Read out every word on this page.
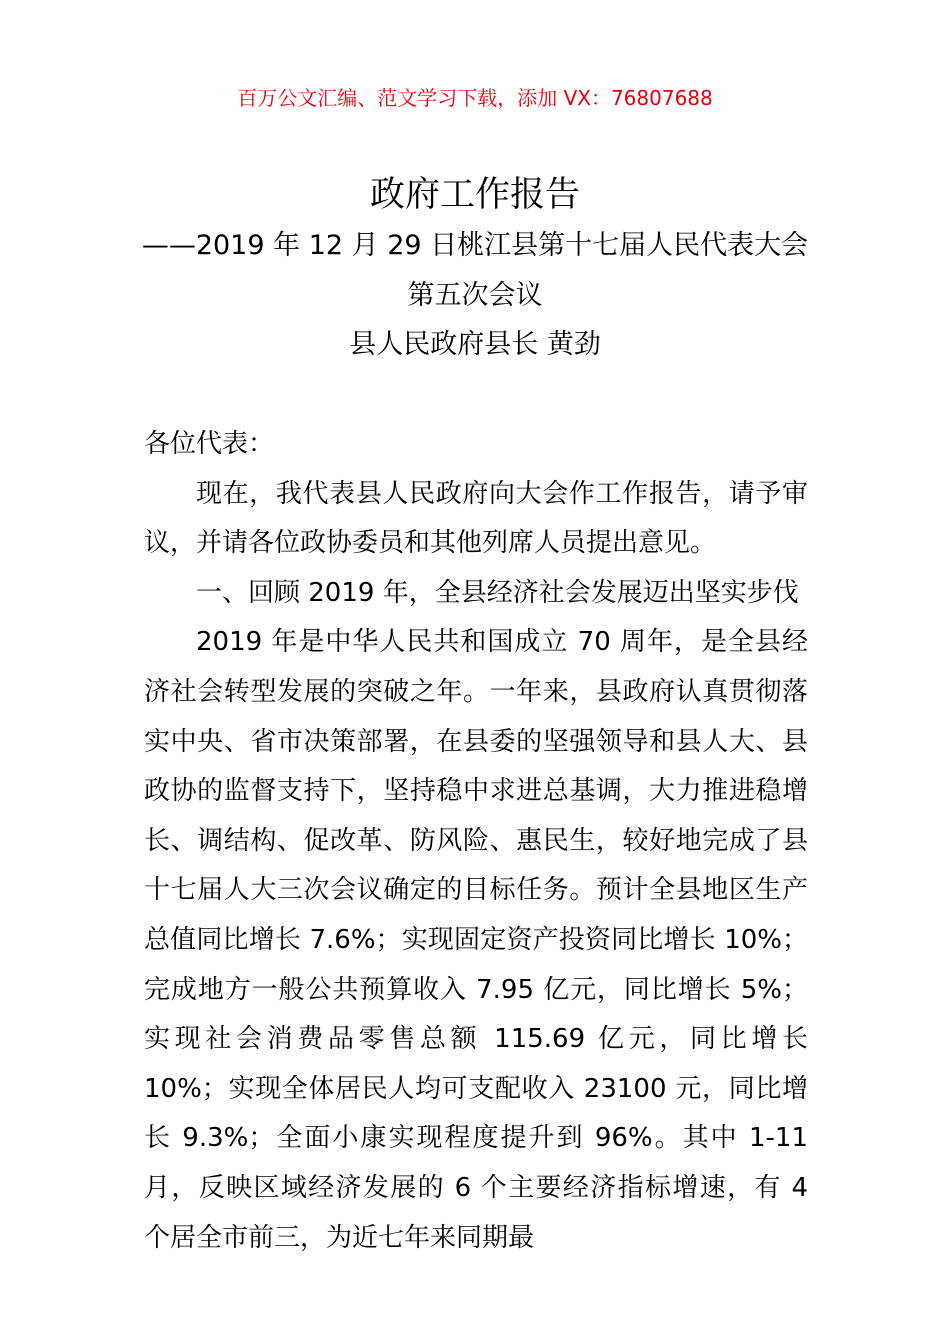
百万公文汇编、范文学习下载，添加 VX：76807688
政府工作报告
——2019 年 12 月 29 日桃江县第十七届人民代表大会第五次会议
县人民政府县长 黄劲

各位代表：

现在，我代表县人民政府向大会作工作报告，请予审议，并请各位政协委员和其他列席人员提出意见。

一、回顾 2019 年，全县经济社会发展迈出坚实步伐

2019 年是中华人民共和国成立 70 周年，是全县经济社会转型发展的突破之年。一年来，县政府认真贯彻落实中央、省市决策部署，在县委的坚强领导和县人大、县政协的监督支持下，坚持稳中求进总基调，大力推进稳增长、调结构、促改革、防风险、惠民生，较好地完成了县十七届人大三次会议确定的目标任务。预计全县地区生产总值同比增长 7.6%；实现固定资产投资同比增长 10%；完成地方一般公共预算收入 7.95 亿元，同比增长 5%；实现社会消费品零售总额 115.69 亿元，同比增长 10%；实现全体居民人均可支配收入 23100 元，同比增长 9.3%；全面小康实现程度提升到 96%。其中 1-11 月，反映区域经济发展的 6 个主要经济指标增速，有 4 个居全市前三，为近七年来同期最
